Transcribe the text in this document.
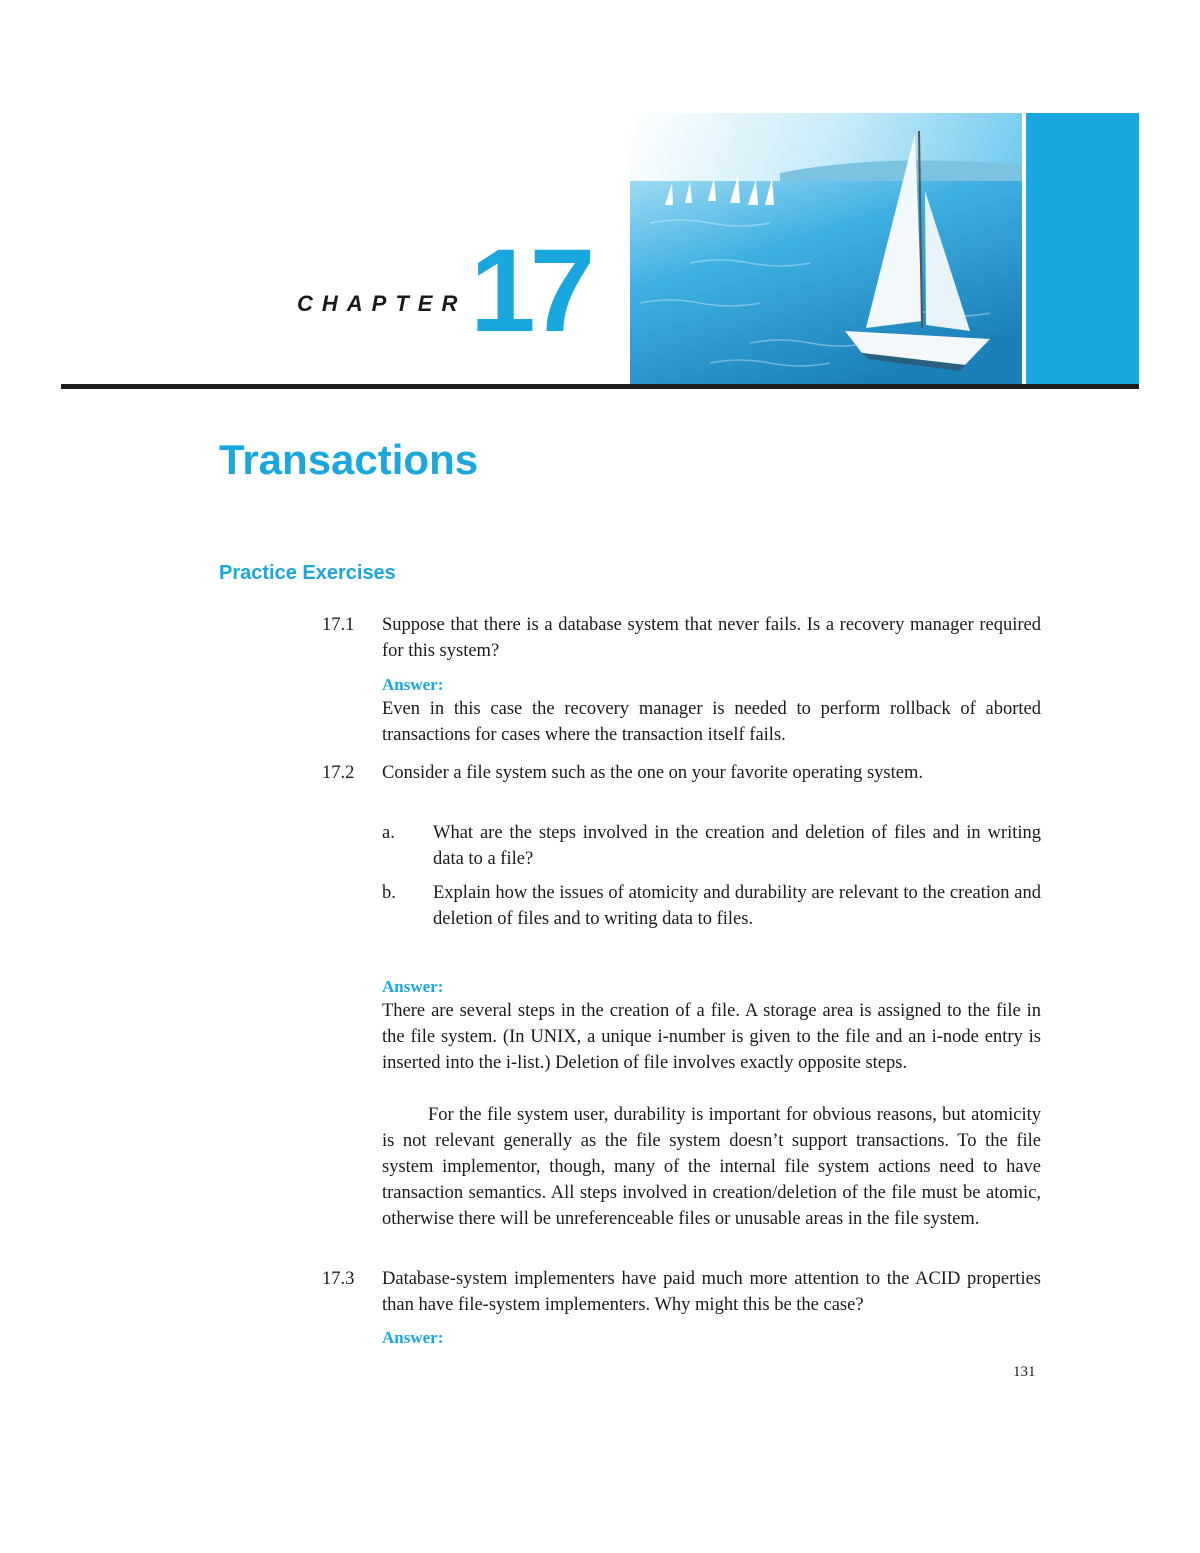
CHAPTER 17
Transactions
Practice Exercises
17.1 Suppose that there is a database system that never fails. Is a recovery manager required for this system?
Answer:
Even in this case the recovery manager is needed to perform rollback of aborted transactions for cases where the transaction itself fails.
17.2 Consider a file system such as the one on your favorite operating system.
a. What are the steps involved in the creation and deletion of files and in writing data to a file?
b. Explain how the issues of atomicity and durability are relevant to the creation and deletion of files and to writing data to files.
Answer:
There are several steps in the creation of a file. A storage area is assigned to the file in the file system. (In UNIX, a unique i-number is given to the file and an i-node entry is inserted into the i-list.) Deletion of file involves exactly opposite steps.
For the file system user, durability is important for obvious reasons, but atomicity is not relevant generally as the file system doesn’t support transactions. To the file system implementor, though, many of the internal file system actions need to have transaction semantics. All steps involved in creation/deletion of the file must be atomic, otherwise there will be unreferenceable files or unusable areas in the file system.
17.3 Database-system implementers have paid much more attention to the ACID properties than have file-system implementers. Why might this be the case?
Answer:
131
